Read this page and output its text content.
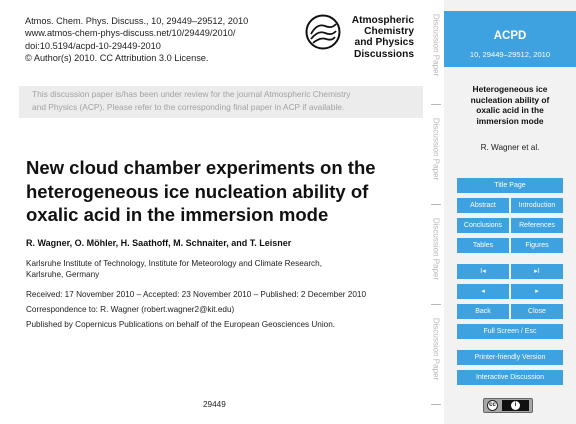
Atmos. Chem. Phys. Discuss., 10, 29449–29512, 2010
www.atmos-chem-phys-discuss.net/10/29449/2010/
doi:10.5194/acpd-10-29449-2010
© Author(s) 2010. CC Attribution 3.0 License.
Atmospheric
Chemistry
and Physics
Discussions
This discussion paper is/has been under review for the journal Atmospheric Chemistry
and Physics (ACP). Please refer to the corresponding final paper in ACP if available.
New cloud chamber experiments on the
heterogeneous ice nucleation ability of
oxalic acid in the immersion mode
R. Wagner, O. Möhler, H. Saathoff, M. Schnaiter, and T. Leisner
Karlsruhe Institute of Technology, Institute for Meteorology and Climate Research,
Karlsruhe, Germany
Received: 17 November 2010 – Accepted: 23 November 2010 – Published: 2 December 2010
Correspondence to: R. Wagner (robert.wagner2@kit.edu)
Published by Copernicus Publications on behalf of the European Geosciences Union.
29449
Discussion Paper
Discussion Paper
Discussion Paper
Discussion Paper
ACPD
10, 29449–29512, 2010
Heterogeneous ice
nucleation ability of
oxalic acid in the
immersion mode
R. Wagner et al.
Title Page
Abstract	Introduction
Conclusions	References
Tables	Figures
I◂	▸I
◂	▸
Back	Close
Full Screen / Esc
Printer-friendly Version
Interactive Discussion
cc	i
